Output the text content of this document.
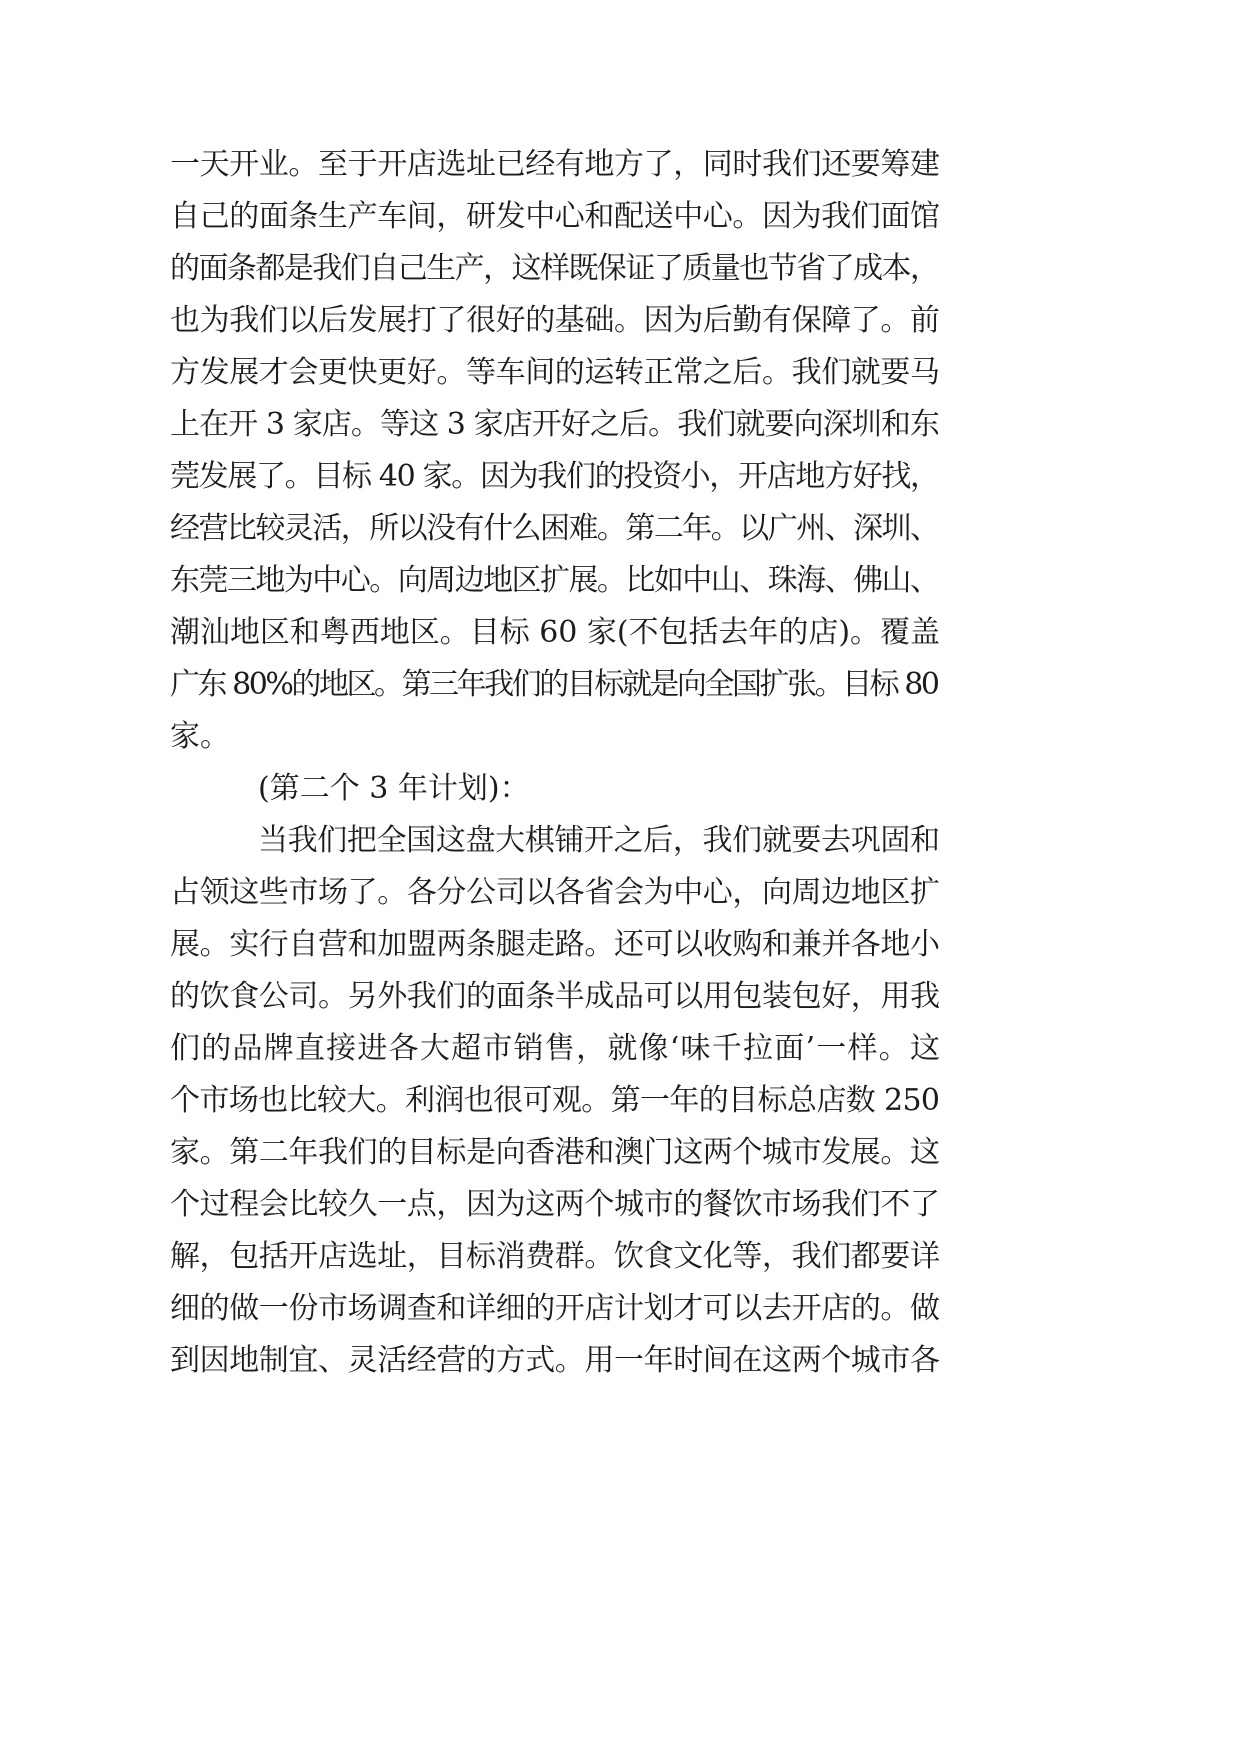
一天开业。至于开店选址已经有地方了，同时我们还要筹建
自己的面条生产车间，研发中心和配送中心。因为我们面馆
的面条都是我们自己生产，这样既保证了质量也节省了成本，
也为我们以后发展打了很好的基础。因为后勤有保障了。前
方发展才会更快更好。等车间的运转正常之后。我们就要马
上在开 3 家店。等这 3 家店开好之后。我们就要向深圳和东
莞发展了。目标 40 家。因为我们的投资小，开店地方好找，
经营比较灵活，所以没有什么困难。第二年。以广州、深圳、
东莞三地为中心。向周边地区扩展。比如中山、珠海、佛山、
潮汕地区和粤西地区。目标 60 家(不包括去年的店)。覆盖
广东 80%的地区。第三年我们的目标就是向全国扩张。目标 80
家。
(第二个 3 年计划)：
当我们把全国这盘大棋铺开之后，我们就要去巩固和
占领这些市场了。各分公司以各省会为中心，向周边地区扩
展。实行自营和加盟两条腿走路。还可以收购和兼并各地小
的饮食公司。另外我们的面条半成品可以用包装包好，用我
们的品牌直接进各大超市销售，就像‘味千拉面’一样。这
个市场也比较大。利润也很可观。第一年的目标总店数 250
家。第二年我们的目标是向香港和澳门这两个城市发展。这
个过程会比较久一点，因为这两个城市的餐饮市场我们不了
解，包括开店选址，目标消费群。饮食文化等，我们都要详
细的做一份市场调查和详细的开店计划才可以去开店的。做
到因地制宜、灵活经营的方式。用一年时间在这两个城市各
